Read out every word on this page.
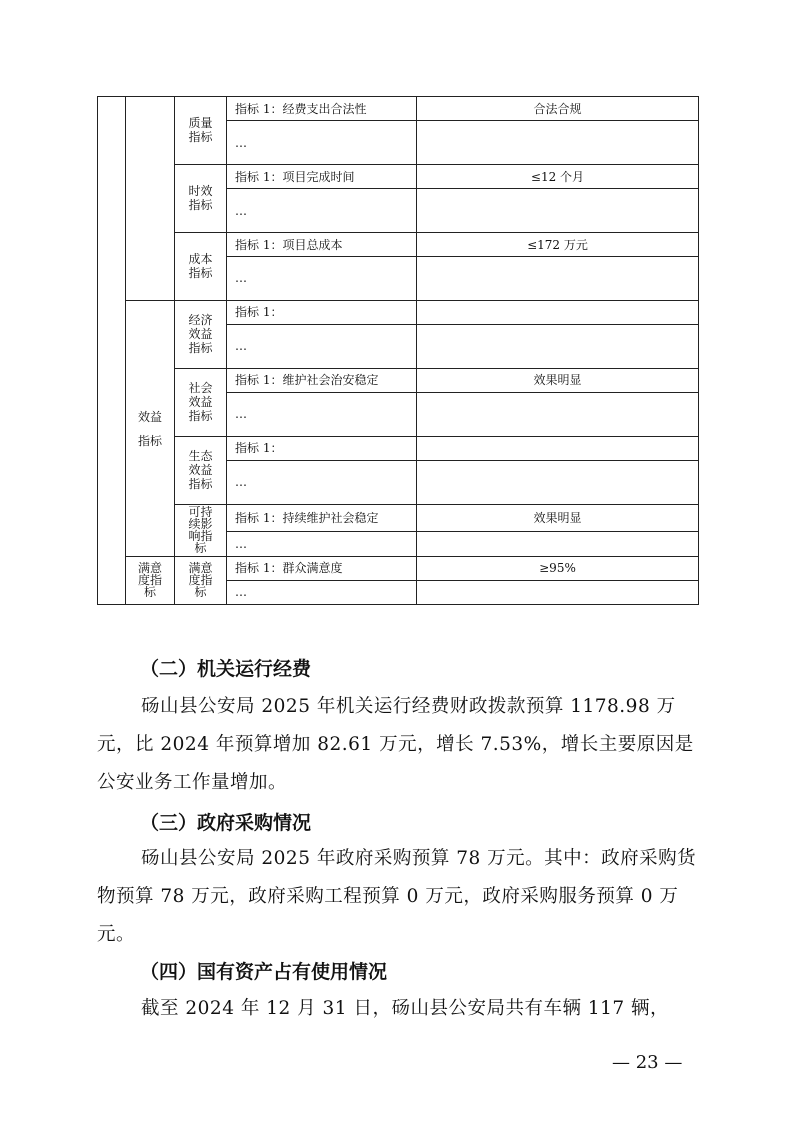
		质量指标	指标 1：经费支出合法性	合法合规
			…	
		时效指标	指标 1：项目完成时间	≤12 个月
			…	
		成本指标	指标 1：项目总成本	≤172 万元
			…	
	效益指标	经济效益指标	指标 1：	
			…	
		社会效益指标	指标 1：维护社会治安稳定	效果明显
			…	
		生态效益指标	指标 1：	
			…	
		可持续影响指标	指标 1：持续维护社会稳定	效果明显
			…	
	满意度指标	满意度指标	指标 1：群众满意度	≥95%
			…	
（二）机关运行经费
砀山县公安局 2025 年机关运行经费财政拨款预算 1178.98 万元，比 2024 年预算增加 82.61 万元，增长 7.53%，增长主要原因是公安业务工作量增加。
（三）政府采购情况
砀山县公安局 2025 年政府采购预算 78 万元。其中：政府采购货物预算 78 万元，政府采购工程预算 0 万元，政府采购服务预算 0 万元。
（四）国有资产占有使用情况
截至 2024 年 12 月 31 日，砀山县公安局共有车辆 117 辆，
— 23 —
